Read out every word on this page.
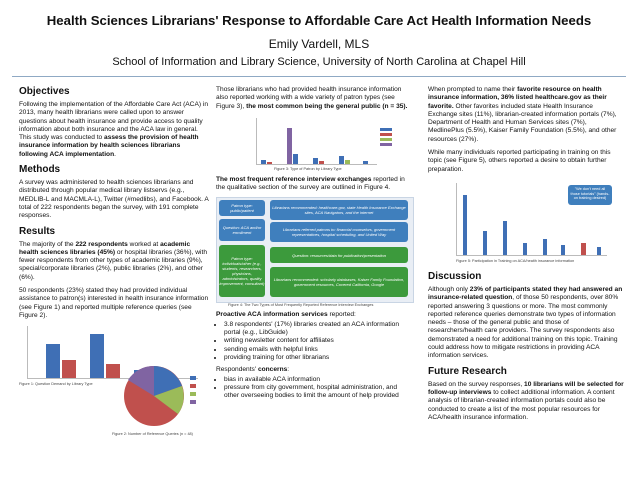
Health Sciences Librarians' Response to Affordable Care Act Health Information Needs
Emily Vardell, MLS
School of Information and Library Science, University of North Carolina at Chapel Hill
Objectives

Following the implementation of the Affordable Care Act (ACA) in 2013, many health librarians were called upon to answer questions about health insurance and provide access to quality information about both insurance and the ACA law in general. This study was conducted to assess the provision of health insurance information by health sciences librarians following ACA implementation.

Methods

A survey was administered to health sciences librarians and distributed through popular medical library listservs (e.g., MEDLIB-L and MACMLA-L), Twitter (#medlibs), and Facebook. A total of 222 respondents began the survey, with 191 complete responses.

Results

The majority of the 222 respondents worked at academic health sciences libraries (45%) or hospital libraries (36%), with fewer respondents from other types of academic libraries (9%), special/corporate libraries (2%), public libraries (2%), and other (6%).

50 respondents (23%) stated they had provided individual assistance to patron(s) interested in health insurance information (see Figure 1) and reported multiple reference queries (see Figure 2).

Figure 1: Question Demand by Library Type

Those librarians who had provided health insurance information also reported working with a wide variety of patron types (see Figure 3), the most common being the general public (n = 35).

Figure 3: Type of Patron by Library Type

The most frequent reference interview exchanges reported in the qualitative section of the survey are outlined in Figure 4.

Patron type: public/patient
Question: ACA and/or enrollment
Patron type: individuals/other (e.g., students, researchers, physicians, administrators, quality improvement, consultant)
Librarians recommended: healthcare.gov, state Health Insurance Exchange sites, ACA Navigators, and the internet
Librarians referred patrons to: financial counselors, government representatives, hospital scheduling, and United Way
Question: resources/data for publication/presentation
Librarians recommended: scholarly databases, Kaiser Family Foundation, government resources, Covered California, Google
Figure 4: The Two Types of Most Frequently Reported Reference Interview Exchanges

Proactive ACA information services reported:

• 3.8 respondents' (17%) libraries created an ACA information portal (e.g., LibGuide)
• writing newsletter content for affiliates
• sending emails with helpful links
• providing training for other librarians

Respondents' concerns:

• bias in available ACA information
• pressure from city government, hospital administration, and other overseeing bodies to limit the amount of help provided
Figure 2: Number of Reference Queries (n = 48)

When prompted to name their favorite resource on health insurance information, 36% listed healthcare.gov as their favorite. Other favorites included state Health Insurance Exchange sites (11%), librarian-created information portals (7%), Department of Health and Human Services sites (7%), MedlinePlus (5.5%), Kaiser Family Foundation (5.5%), and other resources (27%).

While many individuals reported participating in training on this topic (see Figure 5), others reported a desire to obtain further preparation.

"We don't need all those tutorials" (hands-on training desired)
Figure 5: Participation in Training on ACA/health insurance information
Discussion

Although only 23% of participants stated they had answered an insurance-related question, of those 50 respondents, over 80% reported answering 3 questions or more. The most commonly reported reference queries demonstrate two types of information needs – those of the general public and those of researchers/health care providers. The survey respondents also demonstrated a need for additional training on this topic. Training could address how to mitigate restrictions in providing ACA information services.

Future Research

Based on the survey responses, 10 librarians will be selected for follow-up interviews to collect additional information. A content analysis of librarian-created information portals could also be conducted to create a list of the most popular resources for ACA/health insurance information.
